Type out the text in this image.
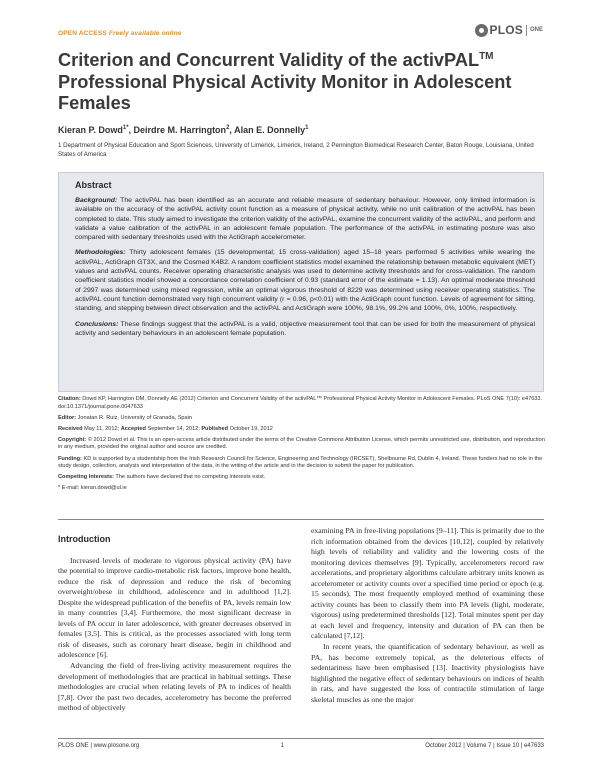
OPEN ACCESS Freely available online	PLOS ONE
Criterion and Concurrent Validity of the activPAL™ Professional Physical Activity Monitor in Adolescent Females
Kieran P. Dowd$^{1*}$, Deirdre M. Harrington$^2$, Alan E. Donnelly$^1$
1 Department of Physical Education and Sport Sciences, University of Limerick, Limerick, Ireland, 2 Pennington Biomedical Research Center, Baton Rouge, Louisiana, United States of America
Abstract

Background: The activPAL has been identified as an accurate and reliable measure of sedentary behaviour. However, only limited information is available on the accuracy of the activPAL activity count function as a measure of physical activity, while no unit calibration of the activPAL has been completed to date. This study aimed to investigate the criterion validity of the activPAL, examine the concurrent validity of the activPAL, and perform and validate a value calibration of the activPAL in an adolescent female population. The performance of the activPAL in estimating posture was also compared with sedentary thresholds used with the ActiGraph accelerometer.

Methodologies: Thirty adolescent females (15 developmental; 15 cross-validation) aged 15–18 years performed 5 activities while wearing the activPAL, ActiGraph GT3X, and the Cosmed K4B2. A random coefficient statistics model examined the relationship between metabolic equivalent (MET) values and activPAL counts. Receiver operating characteristic analysis was used to determine activity thresholds and for cross-validation. The random coefficient statistics model showed a concordance correlation coefficient of 0.93 (standard error of the estimate = 1.13). An optimal moderate threshold of 2997 was determined using mixed regression, while an optimal vigorous threshold of 8229 was determined using receiver operating statistics. The activPAL count function demonstrated very high concurrent validity (r = 0.96, p<0.01) with the ActiGraph count function. Levels of agreement for sitting, standing, and stepping between direct observation and the activPAL and ActiGraph were 100%, 98.1%, 99.2% and 100%, 0%, 100%, respectively.

Conclusions: These findings suggest that the activPAL is a valid, objective measurement tool that can be used for both the measurement of physical activity and sedentary behaviours in an adolescent female population.

Citation: Dowd KP, Harrington DM, Donnelly AE (2012) Criterion and Concurrent Validity of the activPAL™ Professional Physical Activity Monitor in Adolescent Females. PLoS ONE 7(10): e47633. doi:10.1371/journal.pone.0047633

Editor: Jonatan R. Ruiz, University of Granada, Spain

Received May 11, 2012; Accepted September 14, 2012; Published October 19, 2012

Copyright: © 2012 Dowd et al. This is an open-access article distributed under the terms of the Creative Commons Attribution License, which permits unrestricted use, distribution, and reproduction in any medium, provided the original author and source are credited.

Funding: KD is supported by a studentship from the Irish Research Council for Science, Engineering and Technology (IRCSET), Shelbourne Rd, Dublin 4, Ireland. These funders had no role in the study design, collection, analysis and interpretation of the data, in the writing of the article and in the decision to submit the paper for publication.

Competing Interests: The authors have declared that no competing interests exist.

* E-mail: kieran.dowd@ul.ie

Introduction

Increased levels of moderate to vigorous physical activity (PA) have the potential to improve cardio-metabolic risk factors, improve bone health, reduce the risk of depression and reduce the risk of becoming overweight/obese in childhood, adolescence and in adulthood [1,2]. Despite the widespread publication of the benefits of PA, levels remain low in many countries [3,4]. Furthermore, the most significant decrease in levels of PA occur in later adolescence, with greater decreases observed in females [3,5]. This is critical, as the processes associated with long term risk of diseases, such as coronary heart disease, begin in childhood and adolescence [6].

Advancing the field of free-living activity measurement requires the development of methodologies that are practical in habitual settings. These methodologies are crucial when relating levels of PA to indices of health [7,8]. Over the past two decades, accelerometry has become the preferred method of objectively

examining PA in free-living populations [9–11]. This is primarily due to the rich information obtained from the devices [10,12], coupled by relatively high levels of reliability and validity and the lowering costs of the monitoring devices themselves [9]. Typically, accelerometers record raw accelerations, and proprietary algorithms calculate arbitrary units known as accelerometer or activity counts over a specified time period or epoch (e.g. 15 seconds). The most frequently employed method of examining these activity counts has been to classify them into PA levels (light, moderate, vigorous) using predetermined thresholds [12]. Total minutes spent per day at each level and frequency, intensity and duration of PA can then be calculated [7,12].

In recent years, the quantification of sedentary behaviour, as well as PA, has become extremely topical, as the deleterious effects of sedentariness have been emphasised [13]. Inactivity physiologists have highlighted the negative effect of sedentary behaviours on indices of health in rats, and have suggested the loss of contractile stimulation of large skeletal muscles as one the major

PLOS ONE | www.plosone.org	1	October 2012 | Volume 7 | Issue 10 | e47633
